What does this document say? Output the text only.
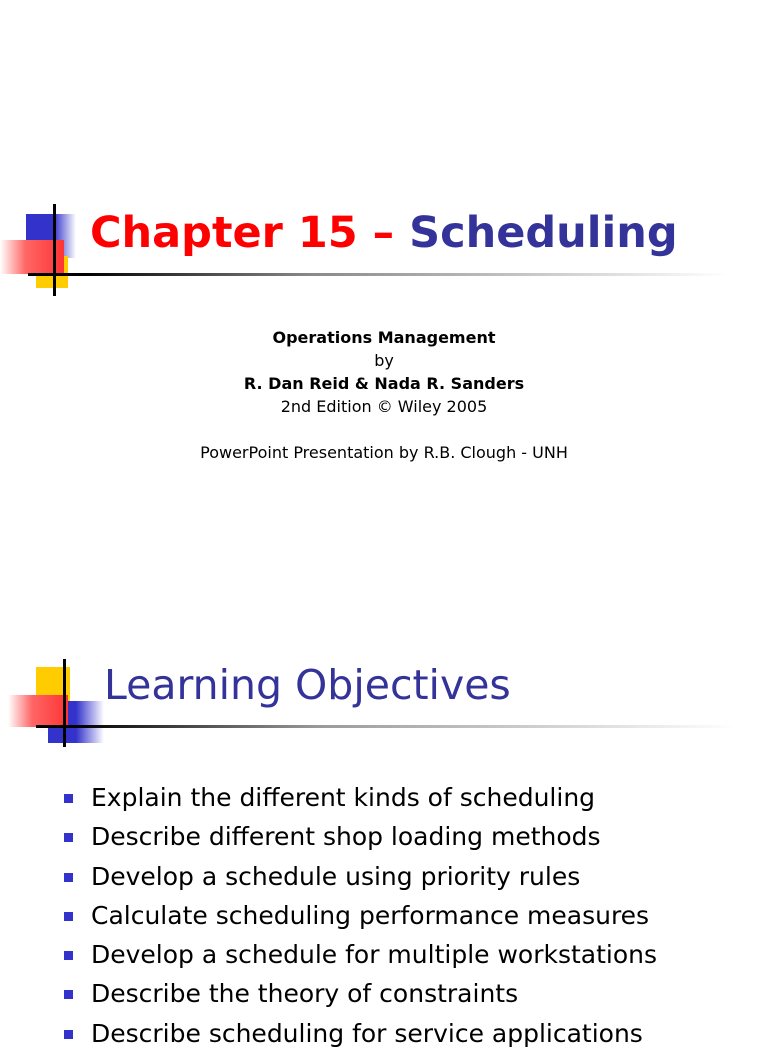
Chapter 15 – Scheduling
Operations Management
by
R. Dan Reid & Nada R. Sanders
2nd Edition © Wiley 2005
PowerPoint Presentation by R.B. Clough - UNH
Learning Objectives
Explain the different kinds of scheduling
Describe different shop loading methods
Develop a schedule using priority rules
Calculate scheduling performance measures
Develop a schedule for multiple workstations
Describe the theory of constraints
Describe scheduling for service applications
